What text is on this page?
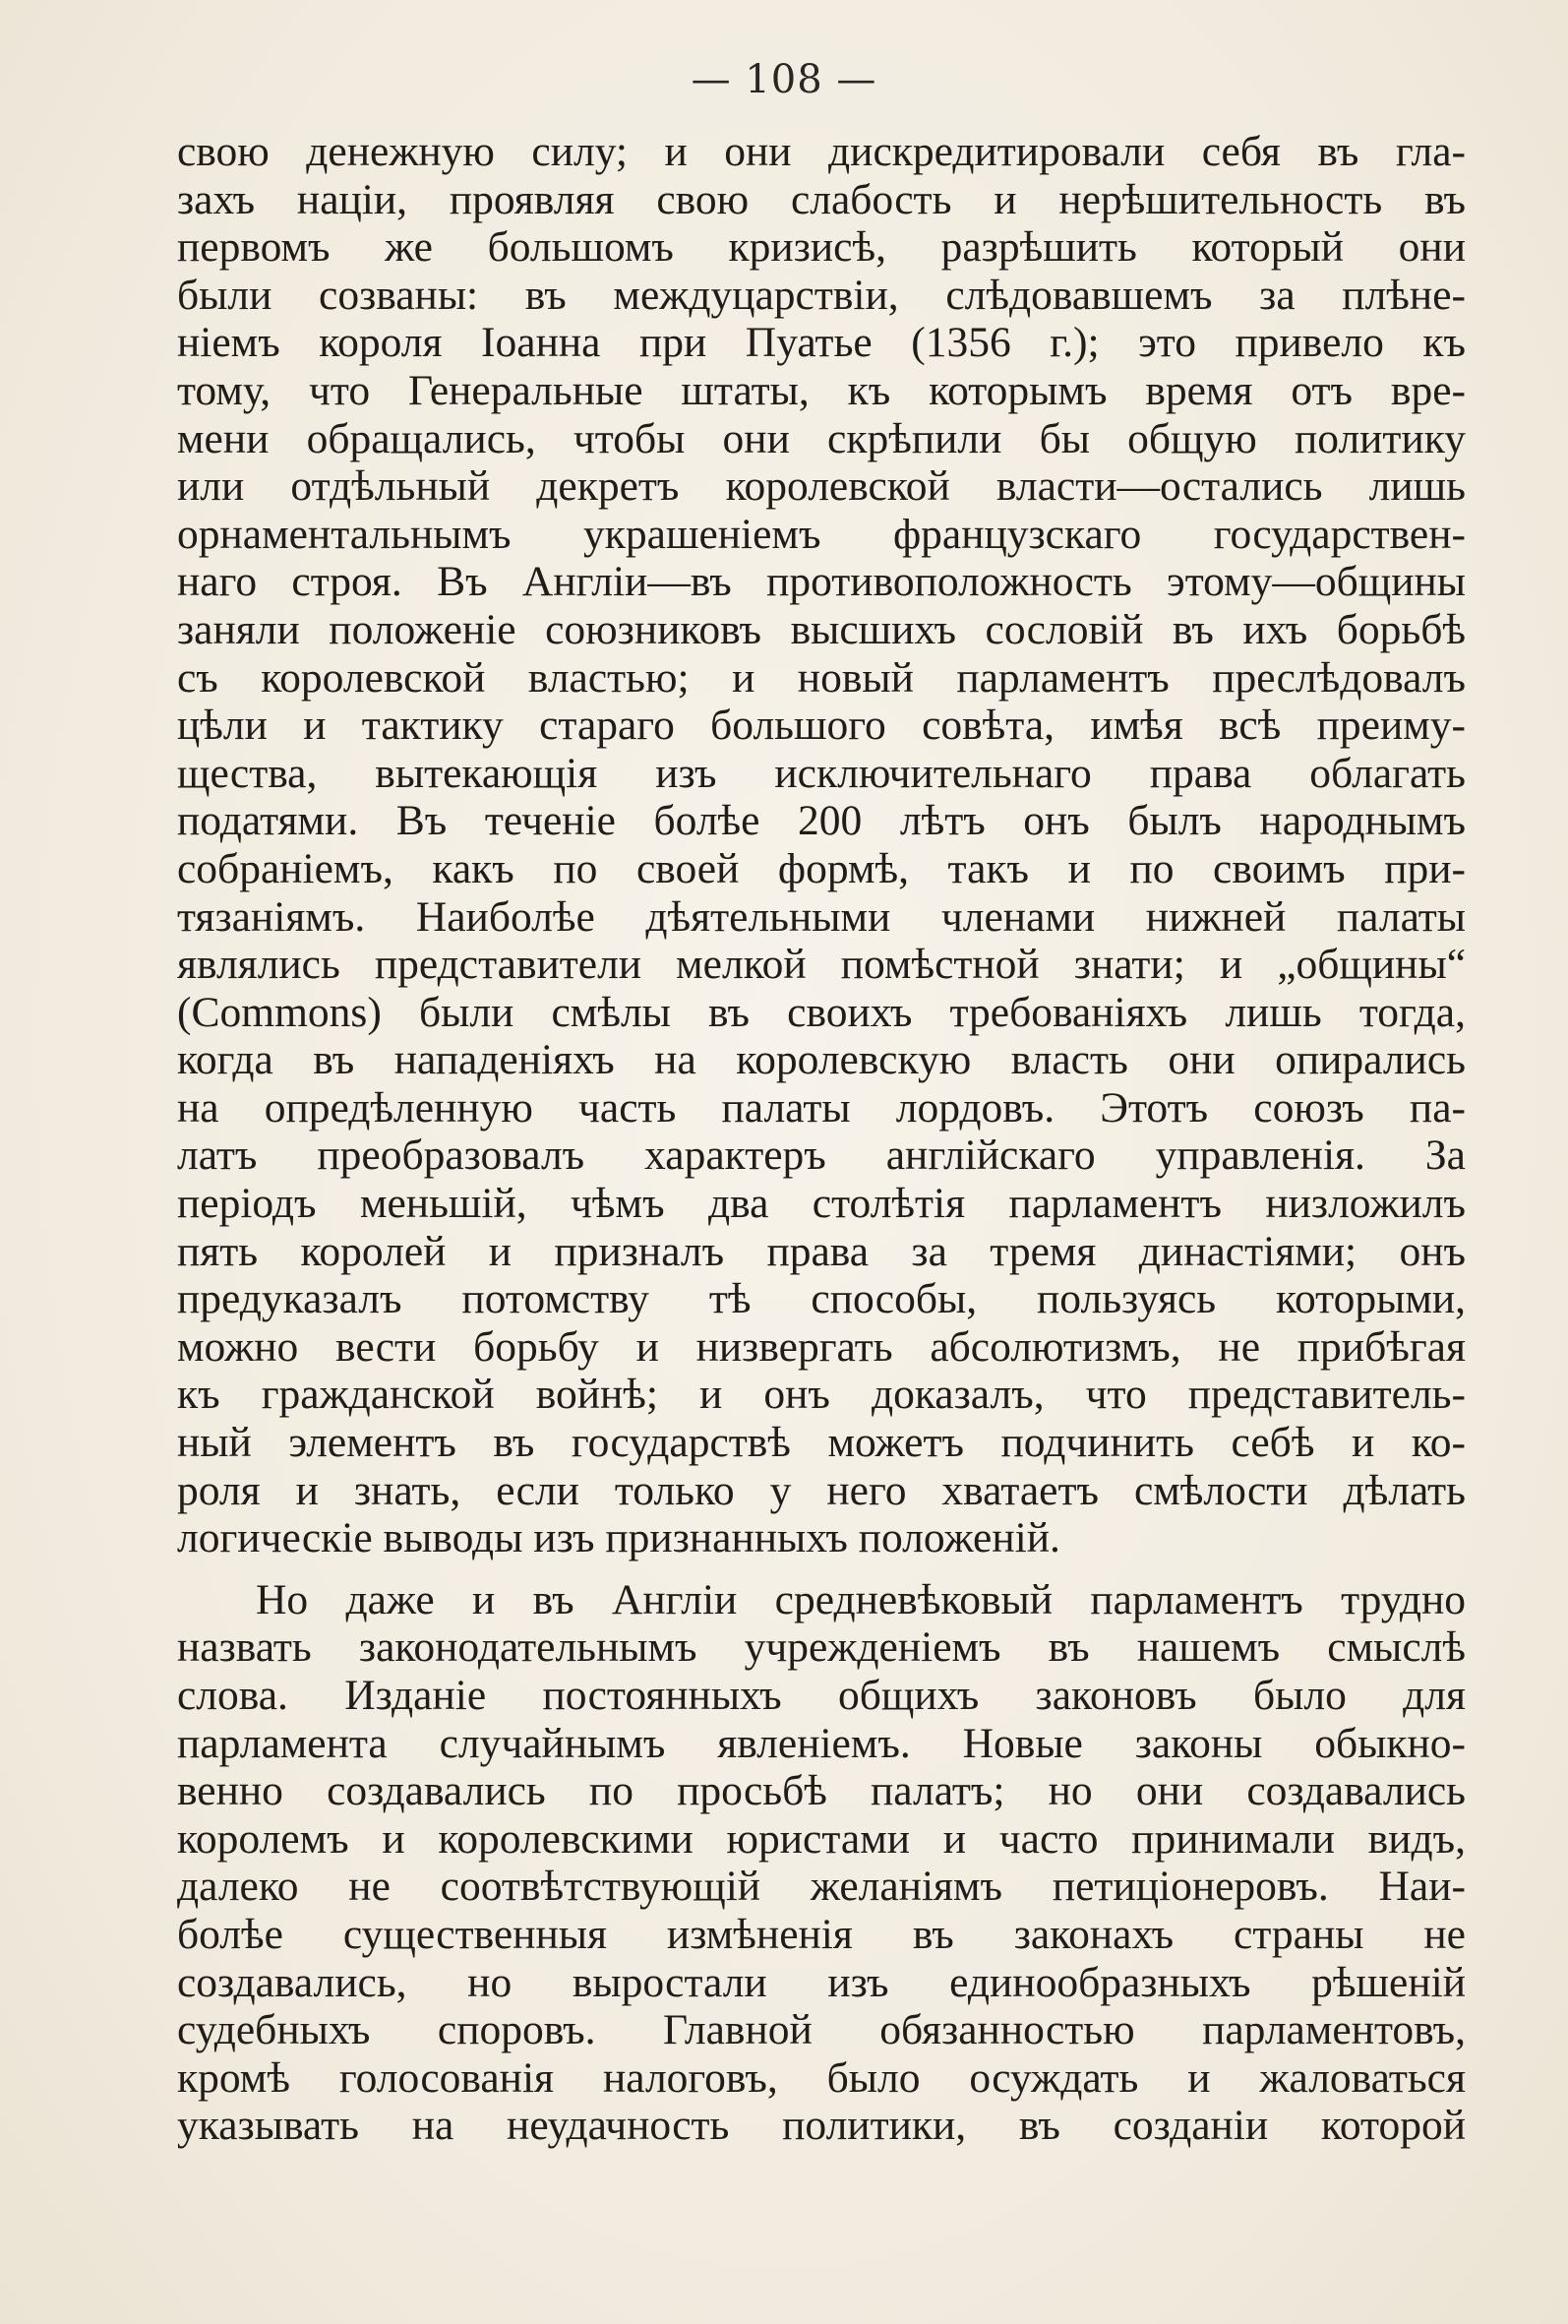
— 108 —
свою денежную силу; и они дискредитировали себя въ гла-
захъ націи, проявляя свою слабость и нерѣшительность въ
первомъ же большомъ кризисѣ, разрѣшить который они
были созваны: въ междуцарствіи, слѣдовавшемъ за плѣне-
ніемъ короля Іоанна при Пуатье (1356 г.); это привело къ
тому, что Генеральные штаты, къ которымъ время отъ вре-
мени обращались, чтобы они скрѣпили бы общую политику
или отдѣльный декретъ королевской власти—остались лишь
орнаментальнымъ украшеніемъ французскаго государствен-
наго строя. Въ Англіи—въ противоположность этому—общины
заняли положеніе союзниковъ высшихъ сословій въ ихъ борьбѣ
съ королевской властью; и новый парламентъ преслѣдовалъ
цѣли и тактику стараго большого совѣта, имѣя всѣ преиму-
щества, вытекающія изъ исключительнаго права облагать
податями. Въ теченіе болѣе 200 лѣтъ онъ былъ народнымъ
собраніемъ, какъ по своей формѣ, такъ и по своимъ при-
тязаніямъ. Наиболѣе дѣятельными членами нижней палаты
являлись представители мелкой помѣстной знати; и „общины“
(Commons) были смѣлы въ своихъ требованіяхъ лишь тогда,
когда въ нападеніяхъ на королевскую власть они опирались
на опредѣленную часть палаты лордовъ. Этотъ союзъ па-
латъ преобразовалъ характеръ англійскаго управленія. За
періодъ меньшій, чѣмъ два столѣтія парламентъ низложилъ
пять королей и призналъ права за тремя династіями; онъ
предуказалъ потомству тѣ способы, пользуясь которыми,
можно вести борьбу и низвергать абсолютизмъ, не прибѣгая
къ гражданской войнѣ; и онъ доказалъ, что представитель-
ный элементъ въ государствѣ можетъ подчинить себѣ и ко-
роля и знать, если только у него хватаетъ смѣлости дѣлать
логическіе выводы изъ признанныхъ положеній.
Но даже и въ Англіи средневѣковый парламентъ трудно
назвать законодательнымъ учрежденіемъ въ нашемъ смыслѣ
слова. Изданіе постоянныхъ общихъ законовъ было для
парламента случайнымъ явленіемъ. Новые законы обыкно-
венно создавались по просьбѣ палатъ; но они создавались
королемъ и королевскими юристами и часто принимали видъ,
далеко не соотвѣтствующій желаніямъ петиціонеровъ. Наи-
болѣе существенныя измѣненія въ законахъ страны не
создавались, но выростали изъ единообразныхъ рѣшеній
судебныхъ споровъ. Главной обязанностью парламентовъ,
кромѣ голосованія налоговъ, было осуждать и жаловаться
указывать на неудачность политики, въ созданіи которой
